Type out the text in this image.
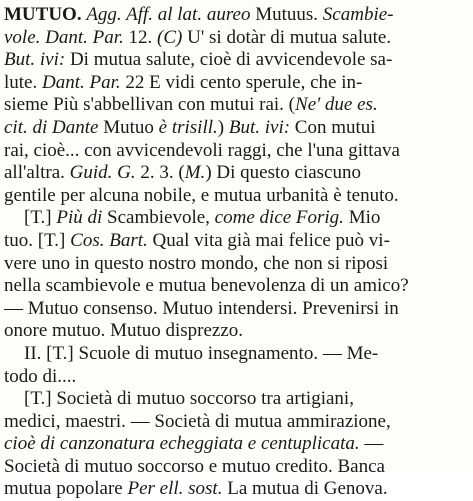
MUTUO. Agg. Aff. al lat. aureo Mutuus. Scambie-
vole. Dant. Par. 12. (C) U' si dotàr di mutua salute.
But. ivi: Di mutua salute, cioè di avvicendevole sa-
lute. Dant. Par. 22 E vidi cento sperule, che in-
sieme Più s'abbellivan con mutui rai. (Ne' due es.
cit. di Dante Mutuo è trisill.) But. ivi: Con mutui
rai, cioè... con avvicendevoli raggi, che l'una gittava
all'altra. Guid. G. 2. 3. (M.) Di questo ciascuno
gentile per alcuna nobile, e mutua urbanità è tenuto.
[T.] Più di Scambievole, come dice Forig. Mio
tuo. [T.] Cos. Bart. Qual vita già mai felice può vi-
vere uno in questo nostro mondo, che non si riposi
nella scambievole e mutua benevolenza di un amico?
— Mutuo consenso. Mutuo intendersi. Prevenirsi in
onore mutuo. Mutuo disprezzo.
II. [T.] Scuole di mutuo insegnamento. — Me-
todo di....
[T.] Società di mutuo soccorso tra artigiani,
medici, maestri. — Società di mutua ammirazione,
cioè di canzonatura echeggiata e centuplicata. —
Società di mutuo soccorso e mutuo credito. Banca
mutua popolare Per ell. sost. La mutua di Genova.
